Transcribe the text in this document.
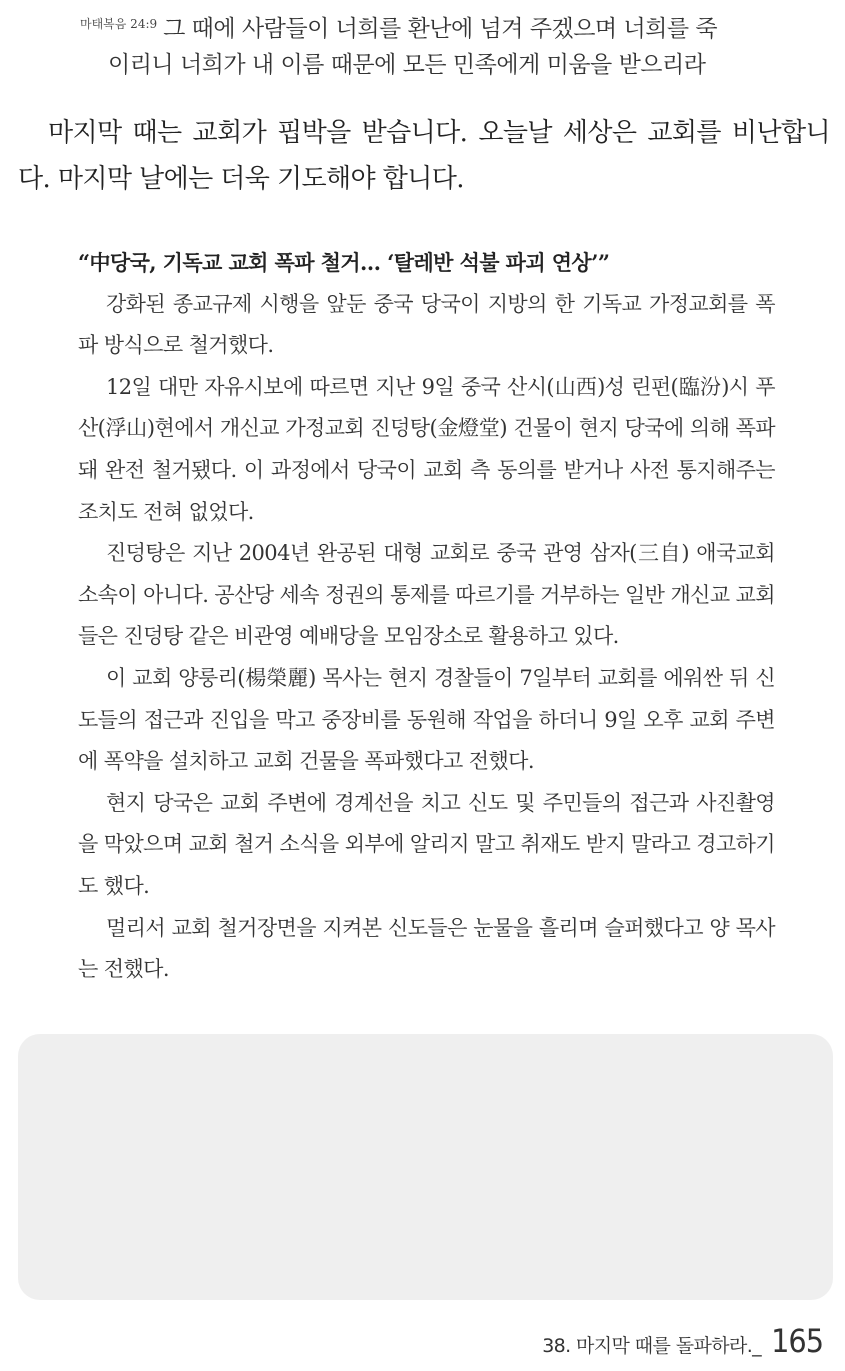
$^{마태복음 24:9}$ 그 때에 사람들이 너희를 환난에 넘겨 주겠으며 너희를 죽
이리니 너희가 내 이름 때문에 모든 민족에게 미움을 받으리라
마지막 때는 교회가 핍박을 받습니다. 오늘날 세상은 교회를 비난합니다. 마지막 날에는 더욱 기도해야 합니다.
“中당국, 기독교 교회 폭파 철거… ‘탈레반 석불 파괴 연상’”

강화된 종교규제 시행을 앞둔 중국 당국이 지방의 한 기독교 가정교회를 폭파 방식으로 철거했다.

12일 대만 자유시보에 따르면 지난 9일 중국 산시(山西)성 린펀(臨汾)시 푸산(浮山)현에서 개신교 가정교회 진덩탕(金燈堂) 건물이 현지 당국에 의해 폭파돼 완전 철거됐다. 이 과정에서 당국이 교회 측 동의를 받거나 사전 통지해주는 조치도 전혀 없었다.

진덩탕은 지난 2004년 완공된 대형 교회로 중국 관영 삼자(三自) 애국교회 소속이 아니다. 공산당 세속 정권의 통제를 따르기를 거부하는 일반 개신교 교회들은 진덩탕 같은 비관영 예배당을 모임장소로 활용하고 있다.

이 교회 양룽리(楊榮麗) 목사는 현지 경찰들이 7일부터 교회를 에워싼 뒤 신도들의 접근과 진입을 막고 중장비를 동원해 작업을 하더니 9일 오후 교회 주변에 폭약을 설치하고 교회 건물을 폭파했다고 전했다.

현지 당국은 교회 주변에 경계선을 치고 신도 및 주민들의 접근과 사진촬영을 막았으며 교회 철거 소식을 외부에 알리지 말고 취재도 받지 말라고 경고하기도 했다.

멀리서 교회 철거장면을 지켜본 신도들은 눈물을 흘리며 슬퍼했다고 양 목사는 전했다.

38. 마지막 때를 돌파하라._ 165
